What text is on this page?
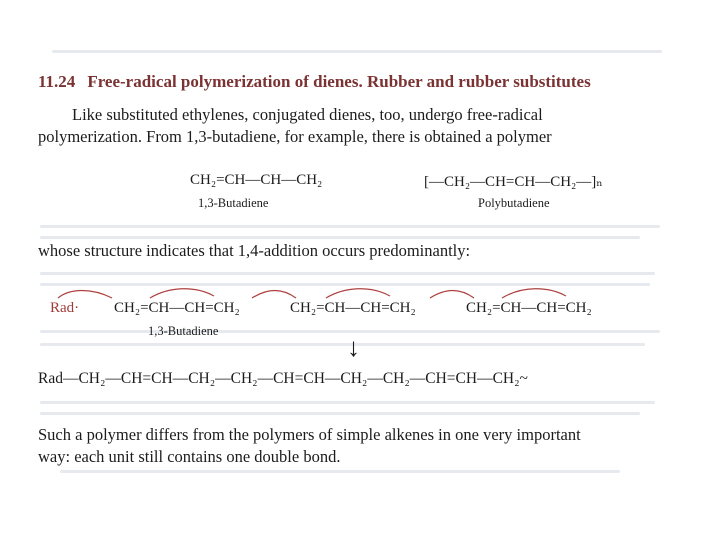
11.24 Free-radical polymerization of dienes. Rubber and rubber substitutes
Like substituted ethylenes, conjugated dienes, too, undergo free-radical
polymerization. From 1,3-butadiene, for example, there is obtained a polymer
CH₂=CH—CH—CH₂
1,3-Butadiene
[—CH₂—CH=CH—CH₂—]ₙ
Polybutadiene
whose structure indicates that 1,4-addition occurs predominantly:
Rad· CH₂=CH—CH=CH₂	CH₂=CH—CH=CH₂	CH₂=CH—CH=CH₂
1,3-Butadiene
↓
Rad—CH₂—CH=CH—CH₂—CH₂—CH=CH—CH₂—CH₂—CH=CH—CH₂~
Such a polymer differs from the polymers of simple alkenes in one very important
way: each unit still contains one double bond.
